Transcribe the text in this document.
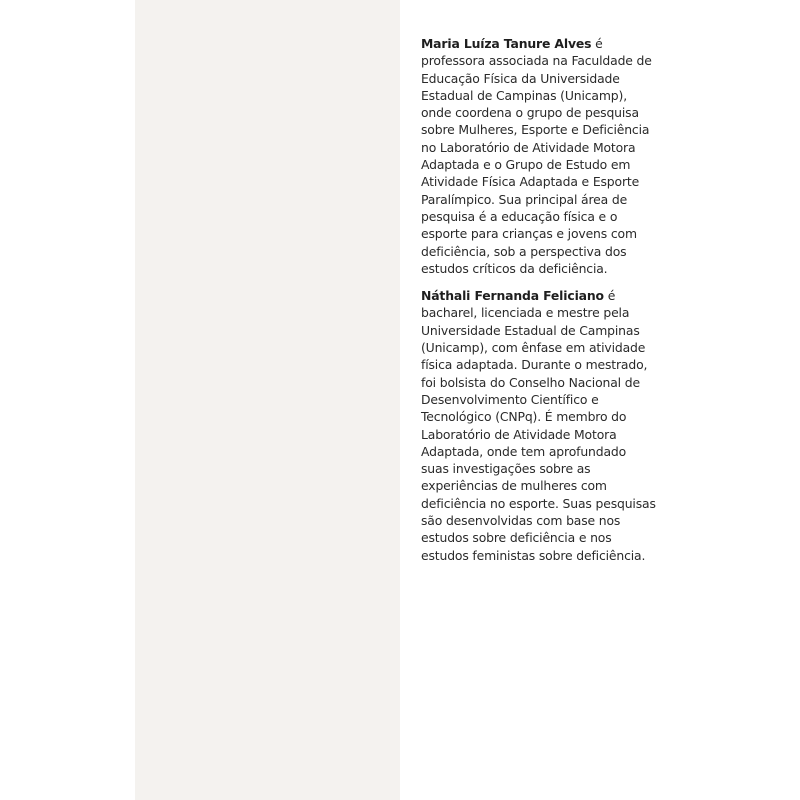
Maria Luíza Tanure Alves é professora associada na Faculdade de Educação Física da Universidade Estadual de Campinas (Unicamp), onde coordena o grupo de pesquisa sobre Mulheres, Esporte e Deficiência no Laboratório de Atividade Motora Adaptada e o Grupo de Estudo em Atividade Física Adaptada e Esporte Paralímpico. Sua principal área de pesquisa é a educação física e o esporte para crianças e jovens com deficiência, sob a perspectiva dos estudos críticos da deficiência.

Náthali Fernanda Feliciano é bacharel, licenciada e mestre pela Universidade Estadual de Campinas (Unicamp), com ênfase em atividade física adaptada. Durante o mestrado, foi bolsista do Conselho Nacional de Desenvolvimento Científico e Tecnológico (CNPq). É membro do Laboratório de Atividade Motora Adaptada, onde tem aprofundado suas investigações sobre as experiências de mulheres com deficiência no esporte. Suas pesquisas são desenvolvidas com base nos estudos sobre deficiência e nos estudos feministas sobre deficiência.
